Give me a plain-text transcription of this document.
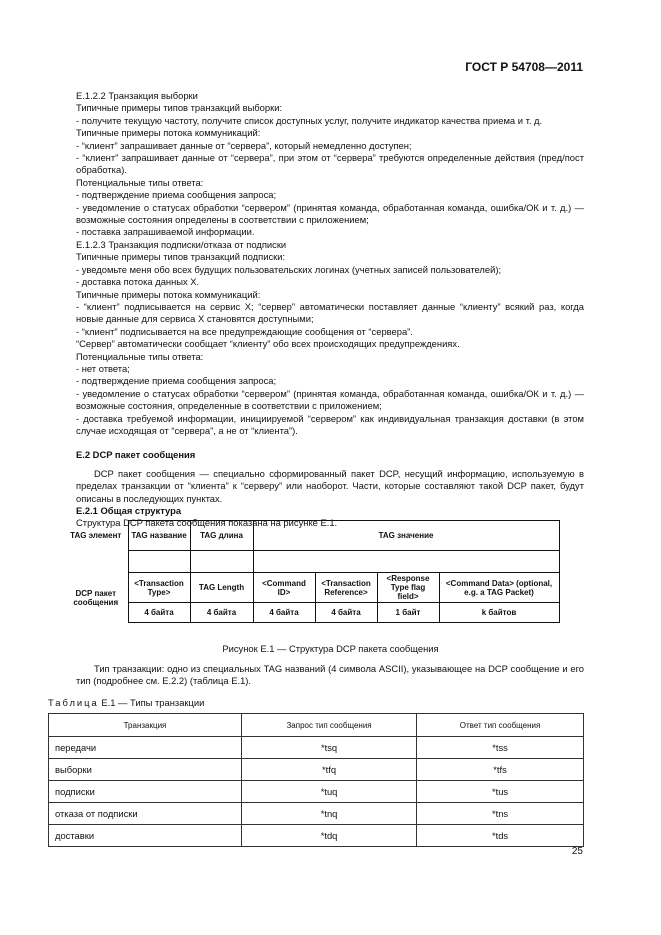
ГОСТ Р 54708—2011

Е.1.2.2 Транзакция выборки

Типичные примеры типов транзакций выборки:

- получите текущую частоту, получите список доступных услуг, получите индикатор качества приема и т. д.

Типичные примеры потока коммуникаций:

- “клиент” запрашивает данные от “сервера”, который немедленно доступен;

- “клиент” запрашивает данные от “сервера”, при этом от “сервера” требуются определенные действия (пред/пост обработка).

Потенциальные типы ответа:

- подтверждение приема сообщения запроса;

- уведомление о статусах обработки “сервером” (принятая команда, обработанная команда, ошибка/ОК и т. д.) — возможные состояния определены в соответствии с приложением;

- поставка запрашиваемой информации.

Е.1.2.3 Транзакция подписки/отказа от подписки

Типичные примеры типов транзакций подписки:

- уведомьте меня обо всех будущих пользовательских логинах (учетных записей пользователей);

- доставка потока данных X.

Типичные примеры потока коммуникаций:

- “клиент” подписывается на сервис X; “сервер” автоматически поставляет данные “клиенту” всякий раз, когда новые данные для сервиса X становятся доступными;

- “клиент” подписывается на все предупреждающие сообщения от “сервера”.

“Сервер” автоматически сообщает “клиенту” обо всех происходящих предупреждениях.

Потенциальные типы ответа:

- нет ответа;

- подтверждение приема сообщения запроса;

- уведомление о статусах обработки “сервером” (принятая команда, обработанная команда, ошибка/ОК и т. д.) — возможные состояния, определенные в соответствии с приложением;

- доставка требуемой информации, инициируемой “сервером” как индивидуальная транзакция доставки (в этом случае исходящая от “сервера”, а не от “клиента”).

Е.2 DCP пакет сообщения

DCP пакет сообщения — специально сформированный пакет DCP, несущий информацию, используемую в пределах транзакции от “клиента” к “серверу” или наоборот. Части, которые составляют такой DCP пакет, будут описаны в последующих пунктах.

Е.2.1 Общая структура

Структура DCP пакета сообщения показана на рисунке Е.1.

TAG элемент	TAG название	TAG длина	TAG значение			

DCP пакет сообщения	<Transaction Type>	TAG Length	<Command ID>	<Transaction Reference>	<Response Type flag field>	<Command Data> (optional, e.g. a TAG Packet)
	4 байта	4 байта	4 байта	4 байта	1 байт	k байтов
Рисунок Е.1 — Структура DCP пакета сообщения
Тип транзакции: одно из специальных TAG названий (4 символа ASCII), указывающее на DCP сообщение и его тип (подробнее см. Е.2.2) (таблица Е.1).
Таблица Е.1 — Типы транзакции
Транзакция	Запрос тип сообщения	Ответ тип сообщения
передачи	*tsq	*tss
выборки	*tfq	*tfs
подписки	*tuq	*tus
отказа от подписки	*tnq	*tns
доставки	*tdq	*tds
25
